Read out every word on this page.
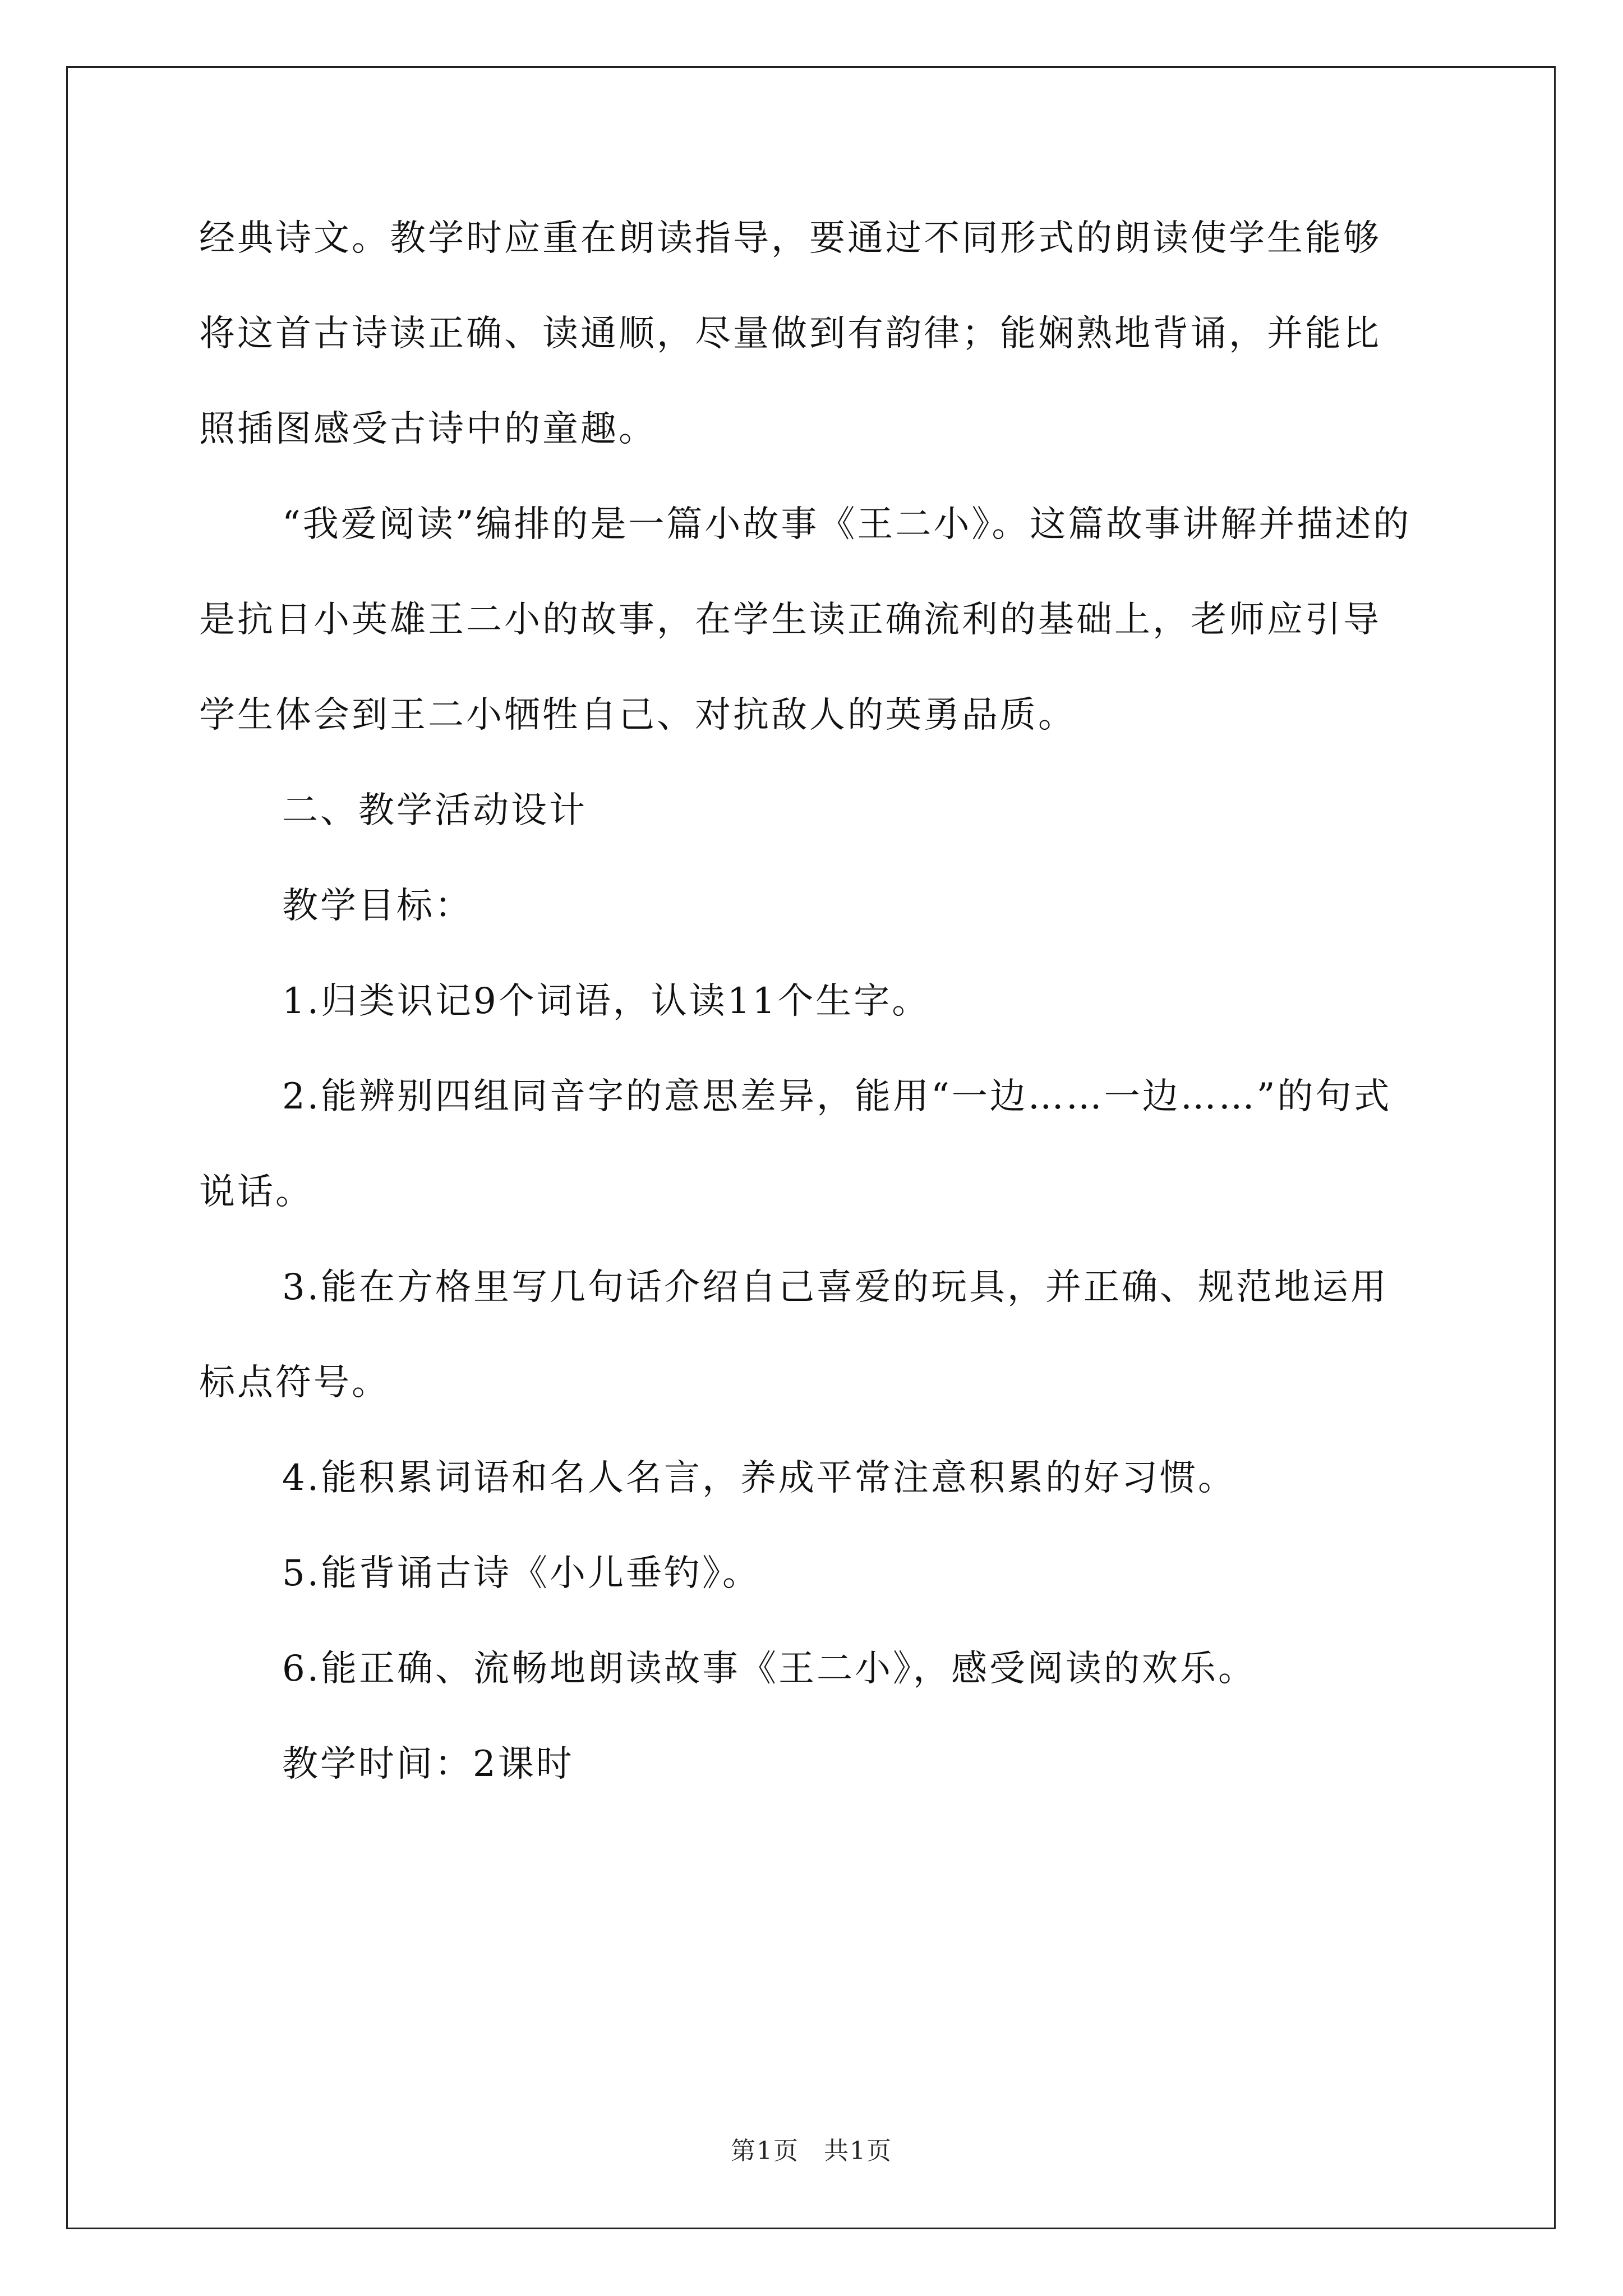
经典诗文。教学时应重在朗读指导，要通过不同形式的朗读使学生能够将这首古诗读正确、读通顺，尽量做到有韵律；能娴熟地背诵，并能比照插图感受古诗中的童趣。

“我爱阅读”编排的是一篇小故事《王二小》。这篇故事讲解并描述的是抗日小英雄王二小的故事，在学生读正确流利的基础上，老师应引导学生体会到王二小牺牲自己、对抗敌人的英勇品质。

二、教学活动设计

教学目标：

1.归类识记9个词语，认读11个生字。

2.能辨别四组同音字的意思差异，能用“一边……一边……”的句式说话。

3.能在方格里写几句话介绍自己喜爱的玩具，并正确、规范地运用标点符号。

4.能积累词语和名人名言，养成平常注意积累的好习惯。

5.能背诵古诗《小儿垂钓》。

6.能正确、流畅地朗读故事《王二小》，感受阅读的欢乐。

教学时间：2课时

第1页 共1页
